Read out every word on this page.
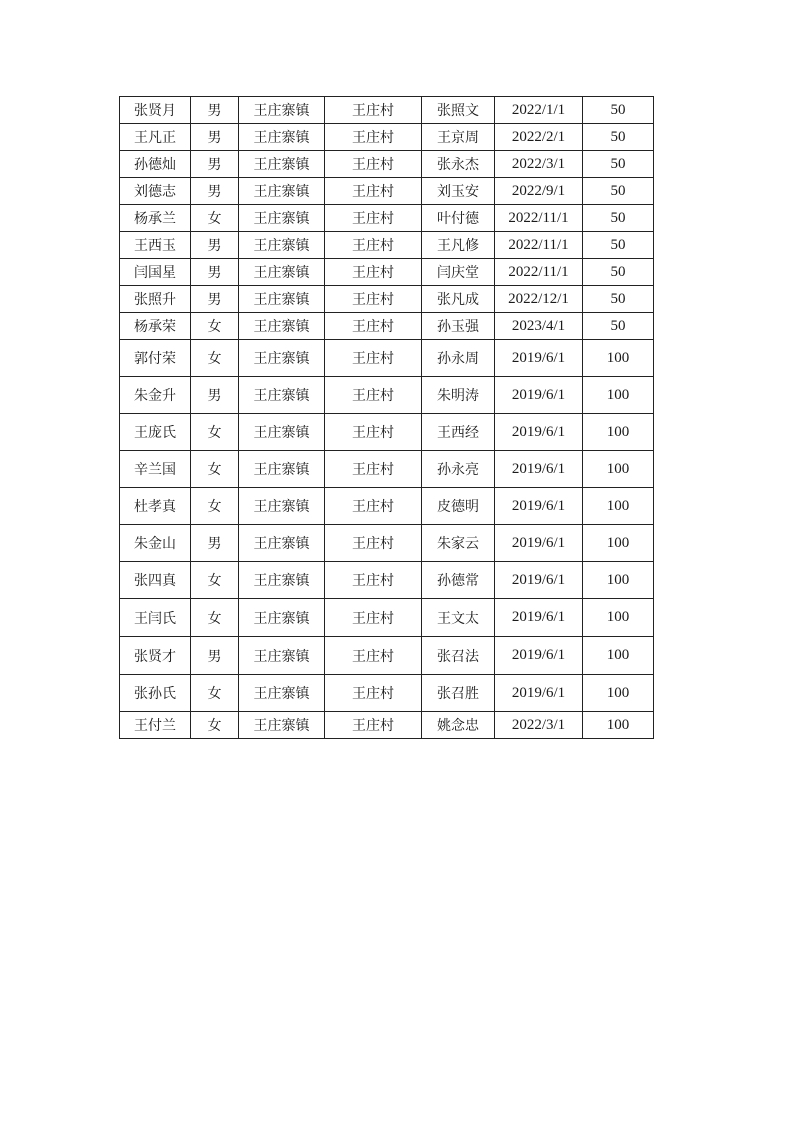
张贤月	男	王庄寨镇	王庄村	张照文	2022/1/1	50
王凡正	男	王庄寨镇	王庄村	王京周	2022/2/1	50
孙德灿	男	王庄寨镇	王庄村	张永杰	2022/3/1	50
刘德志	男	王庄寨镇	王庄村	刘玉安	2022/9/1	50
杨承兰	女	王庄寨镇	王庄村	叶付德	2022/11/1	50
王西玉	男	王庄寨镇	王庄村	王凡修	2022/11/1	50
闫国星	男	王庄寨镇	王庄村	闫庆堂	2022/11/1	50
张照升	男	王庄寨镇	王庄村	张凡成	2022/12/1	50
杨承荣	女	王庄寨镇	王庄村	孙玉强	2023/4/1	50
郭付荣	女	王庄寨镇	王庄村	孙永周	2019/6/1	100
朱金升	男	王庄寨镇	王庄村	朱明涛	2019/6/1	100
王庞氏	女	王庄寨镇	王庄村	王西经	2019/6/1	100
辛兰国	女	王庄寨镇	王庄村	孙永亮	2019/6/1	100
杜孝真	女	王庄寨镇	王庄村	皮德明	2019/6/1	100
朱金山	男	王庄寨镇	王庄村	朱家云	2019/6/1	100
张四真	女	王庄寨镇	王庄村	孙德常	2019/6/1	100
王闫氏	女	王庄寨镇	王庄村	王文太	2019/6/1	100
张贤才	男	王庄寨镇	王庄村	张召法	2019/6/1	100
张孙氏	女	王庄寨镇	王庄村	张召胜	2019/6/1	100
王付兰	女	王庄寨镇	王庄村	姚念忠	2022/3/1	100
